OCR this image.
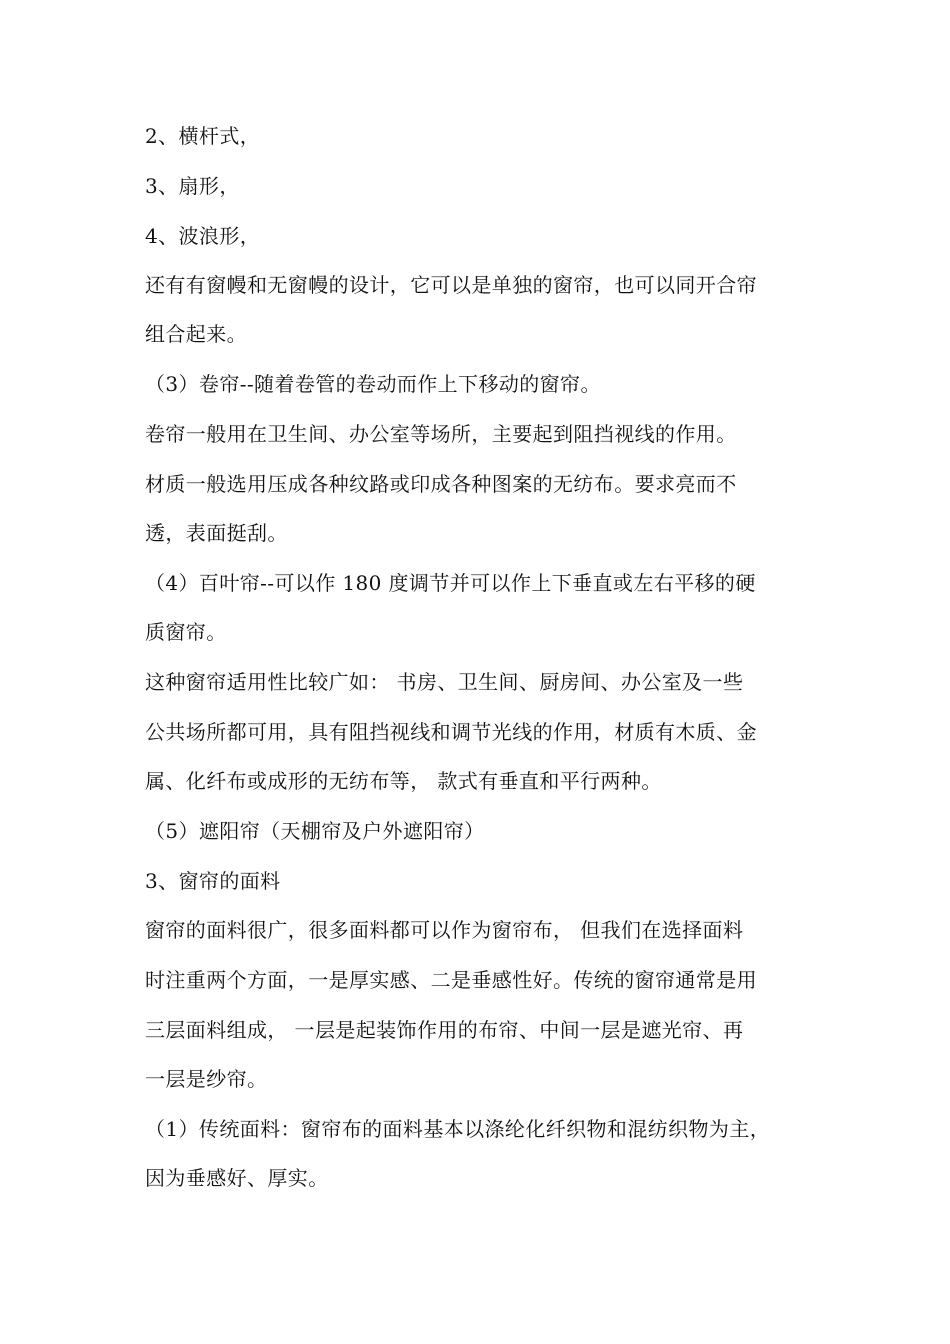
2、横杆式，
3、扇形，
4、波浪形，
还有有窗幔和无窗幔的设计，它可以是单独的窗帘，也可以同开合帘
组合起来。
（3）卷帘--随着卷管的卷动而作上下移动的窗帘。
卷帘一般用在卫生间、办公室等场所，主要起到阻挡视线的作用。
材质一般选用压成各种纹路或印成各种图案的无纺布。要求亮而不
透，表面挺刮。
（4）百叶帘--可以作 180 度调节并可以作上下垂直或左右平移的硬
质窗帘。
这种窗帘适用性比较广如： 书房、卫生间、厨房间、办公室及一些
公共场所都可用，具有阻挡视线和调节光线的作用，材质有木质、金
属、化纤布或成形的无纺布等， 款式有垂直和平行两种。
（5）遮阳帘（天棚帘及户外遮阳帘）
3、窗帘的面料
窗帘的面料很广，很多面料都可以作为窗帘布， 但我们在选择面料
时注重两个方面，一是厚实感、二是垂感性好。传统的窗帘通常是用
三层面料组成， 一层是起装饰作用的布帘、中间一层是遮光帘、再
一层是纱帘。
（1）传统面料：窗帘布的面料基本以涤纶化纤织物和混纺织物为主，
因为垂感好、厚实。
